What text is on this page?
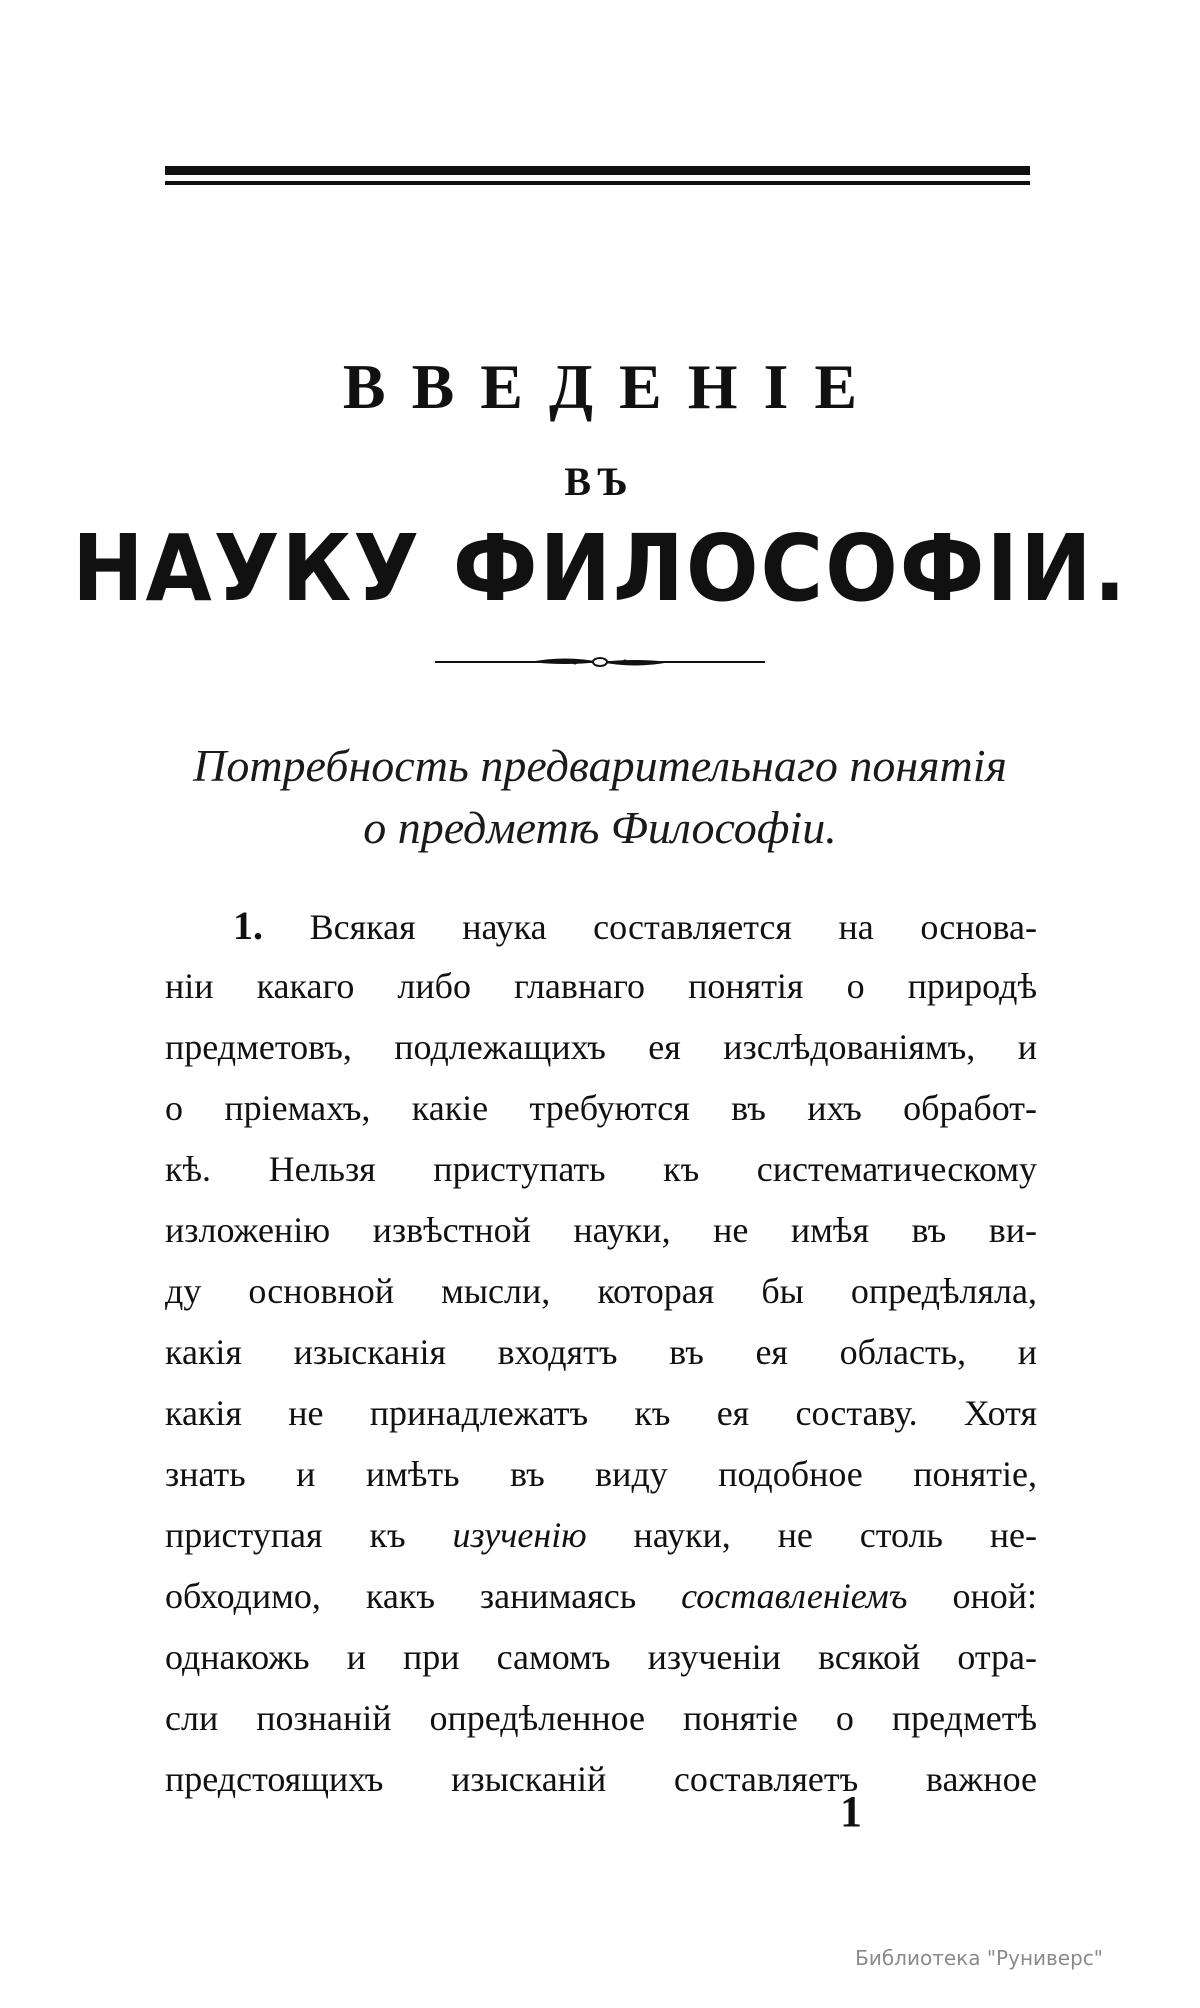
ВВЕДЕНІЕ
ВЪ
НАУКУ ФИЛОСОФІИ.
Потребность предварительнаго понятія
о предметѣ Философіи.
1. Всякая наука составляется на основа-
ніи какаго либо главнаго понятія о природѣ
предметовъ, подлежащихъ ея изслѣдованіямъ, и
о пріемахъ, какіе требуются въ ихъ обработ-
кѣ. Нельзя приступать къ систематическому
изложенію извѣстной науки, не имѣя въ ви-
ду основной мысли, которая бы опредѣляла,
какія изысканія входятъ въ ея область, и
какія не принадлежатъ къ ея составу. Хотя
знать и имѣть въ виду подобное понятіе,
приступая къ изученію науки, не столь не-
обходимо, какъ занимаясь составленіемъ оной:
однакожь и при самомъ изученіи всякой отра-
сли познаній опредѣленное понятіе о предметѣ
предстоящихъ изысканій составляетъ важное
1
Библиотека "Руниверс"
